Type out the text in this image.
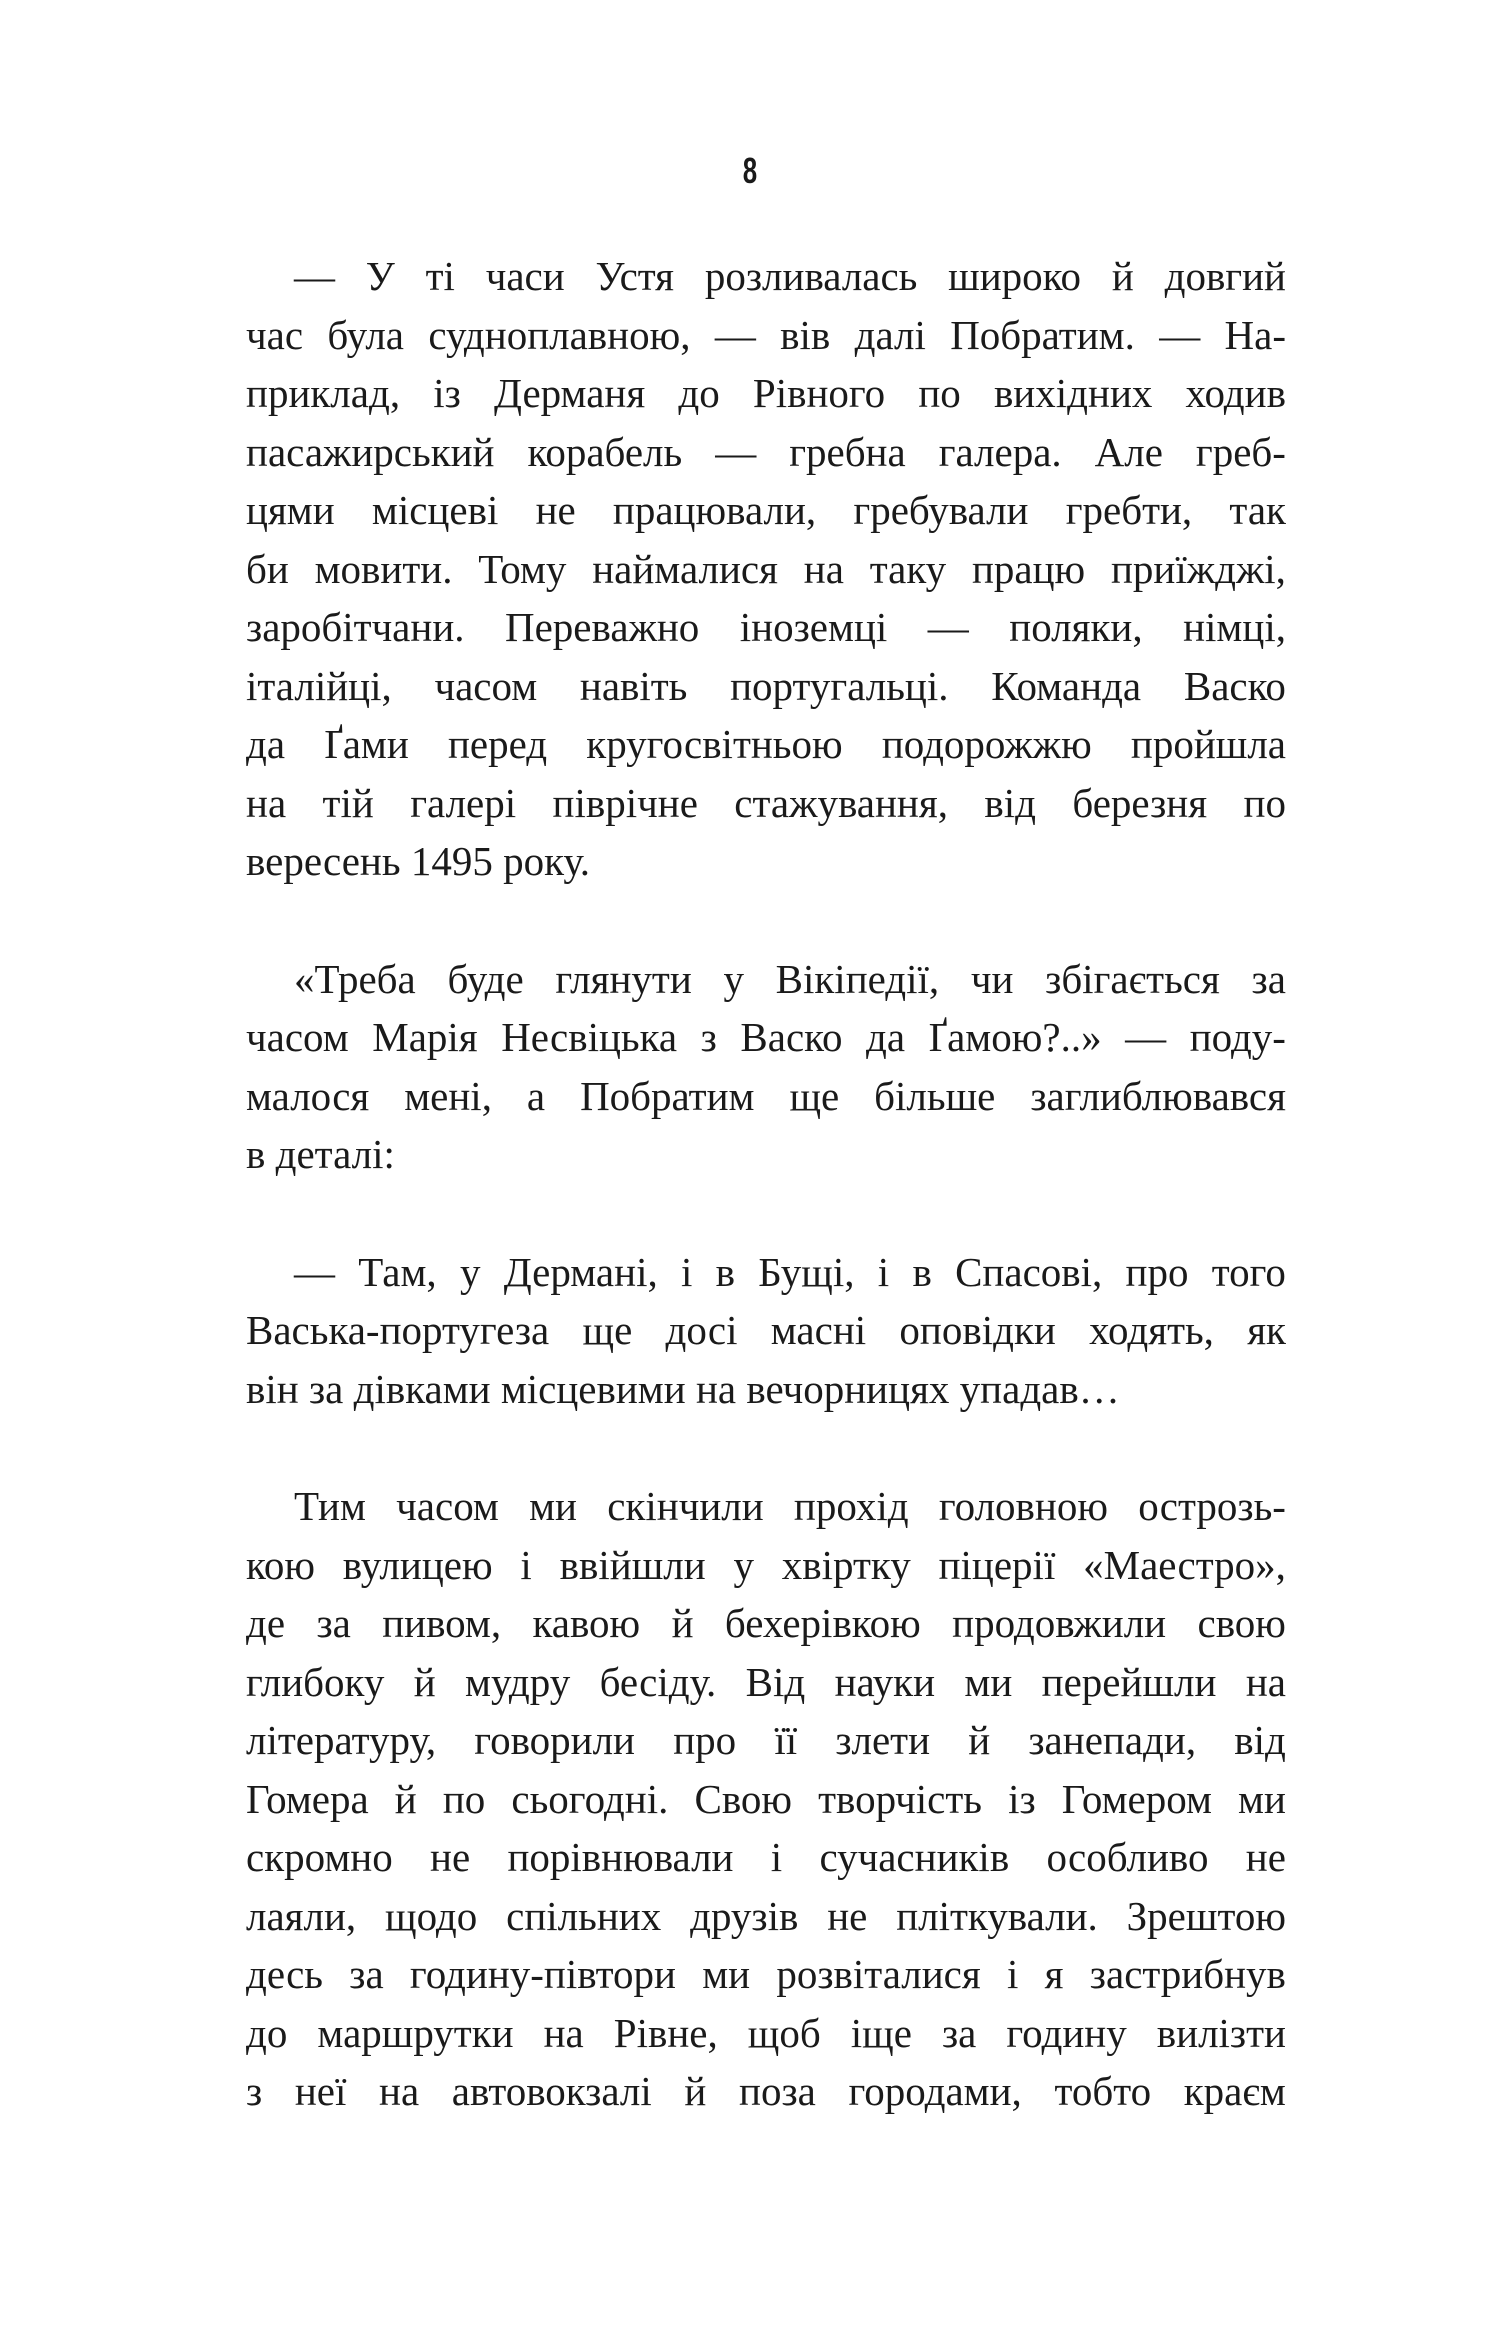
8
— У ті часи Устя розливалась широко й довгий
час була судноплавною, — вів далі Побратим. — На-
приклад, із Дерманя до Рівного по вихідних ходив
пасажирський корабель — гребна галера. Але греб-
цями місцеві не працювали, гребували гребти, так
би мовити. Тому наймалися на таку працю приїжджі,
заробітчани. Переважно іноземці — поляки, німці,
італійці, часом навіть португальці. Команда Васко
да Ґами перед кругосвітньою подорожжю пройшла
на тій галері піврічне стажування, від березня по
вересень 1495 року.
«Треба буде глянути у Вікіпедії, чи збігається за
часом Марія Несвіцька з Васко да Ґамою?..» — поду-
малося мені, а Побратим ще більше заглиблювався
в деталі:
— Там, у Дермані, і в Бущі, і в Спасові, про того
Васька-португеза ще досі масні оповідки ходять, як
він за дівками місцевими на вечорницях упадав…
Тим часом ми скінчили прохід головною острозь-
кою вулицею і ввійшли у хвіртку піцерії «Маестро»,
де за пивом, кавою й бехерівкою продовжили свою
глибоку й мудру бесіду. Від науки ми перейшли на
літературу, говорили про її злети й занепади, від
Гомера й по сьогодні. Свою творчість із Гомером ми
скромно не порівнювали і сучасників особливо не
лаяли, щодо спільних друзів не пліткували. Зрештою
десь за годину-півтори ми розвіталися і я застрибнув
до маршрутки на Рівне, щоб іще за годину вилізти
з неї на автовокзалі й поза городами, тобто краєм
